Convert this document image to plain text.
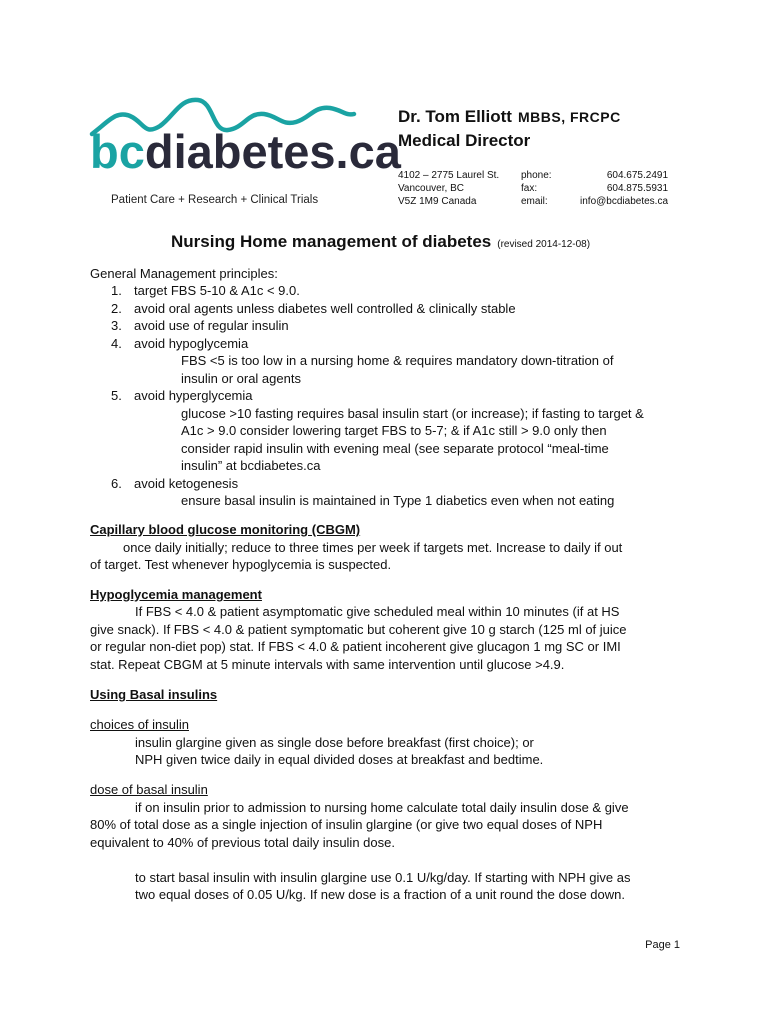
bcdiabetes.ca
Patient Care + Research + Clinical Trials
Dr. Tom Elliott MBBS, FRCPC
Medical Director
4102 – 2775 Laurel St.
Vancouver, BC
V5Z 1M9 Canada
phone:
fax:
email:
604.675.2491
604.875.5931
info@bcdiabetes.ca
Nursing Home management of diabetes (revised 2014-12-08)
General Management principles:
1. target FBS 5-10 & A1c < 9.0.
2. avoid oral agents unless diabetes well controlled & clinically stable
3. avoid use of regular insulin
4. avoid hypoglycemia
FBS <5 is too low in a nursing home & requires mandatory down-titration of
insulin or oral agents
5. avoid hyperglycemia
glucose >10 fasting requires basal insulin start (or increase); if fasting to target &
A1c > 9.0 consider lowering target FBS to 5-7; & if A1c still > 9.0 only then
consider rapid insulin with evening meal (see separate protocol “meal-time
insulin” at bcdiabetes.ca
6. avoid ketogenesis
ensure basal insulin is maintained in Type 1 diabetics even when not eating
Capillary blood glucose monitoring (CBGM)
once daily initially; reduce to three times per week if targets met. Increase to daily if out
of target. Test whenever hypoglycemia is suspected.
Hypoglycemia management
If FBS < 4.0 & patient asymptomatic give scheduled meal within 10 minutes (if at HS
give snack). If FBS < 4.0 & patient symptomatic but coherent give 10 g starch (125 ml of juice
or regular non-diet pop) stat. If FBS < 4.0 & patient incoherent give glucagon 1 mg SC or IMI
stat. Repeat CBGM at 5 minute intervals with same intervention until glucose >4.9.
Using Basal insulins
choices of insulin
insulin glargine given as single dose before breakfast (first choice); or
NPH given twice daily in equal divided doses at breakfast and bedtime.
dose of basal insulin
if on insulin prior to admission to nursing home calculate total daily insulin dose & give
80% of total dose as a single injection of insulin glargine (or give two equal doses of NPH
equivalent to 40% of previous total daily insulin dose.
to start basal insulin with insulin glargine use 0.1 U/kg/day. If starting with NPH give as
two equal doses of 0.05 U/kg. If new dose is a fraction of a unit round the dose down.
Page 1
